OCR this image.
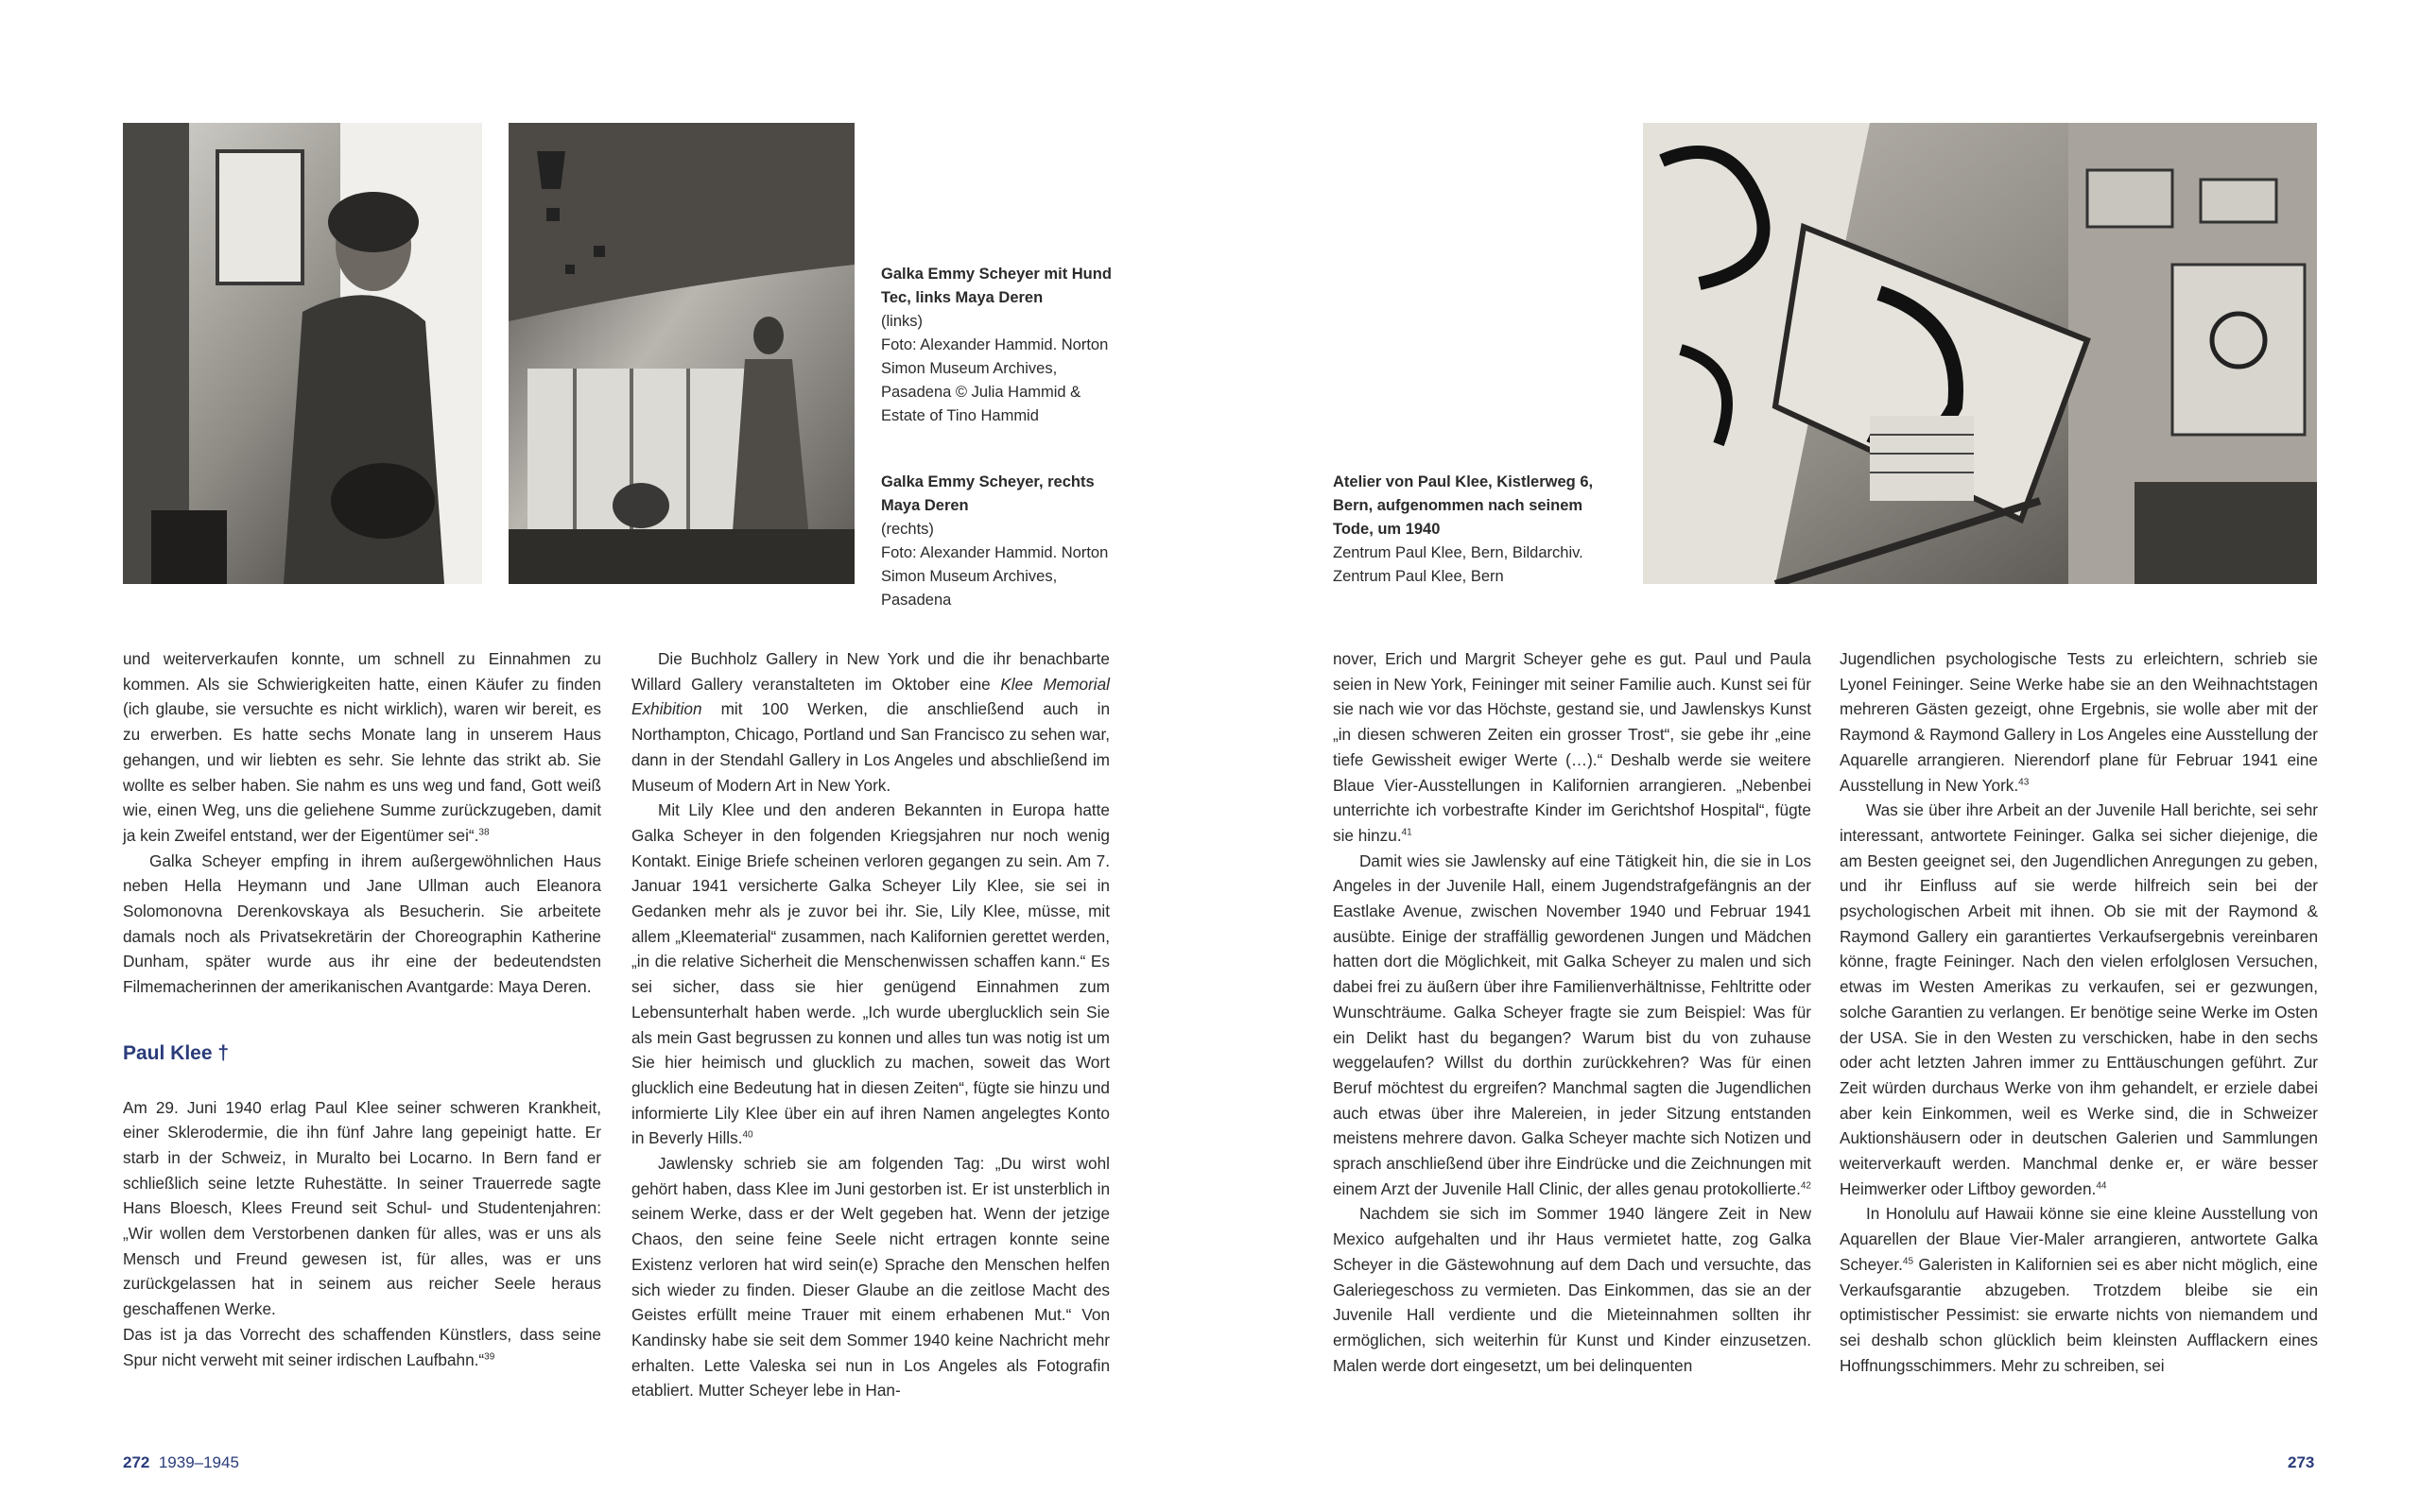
Galka Emmy Scheyer mit Hund Tec, links Maya Deren
(links)
Foto: Alexander Hammid. Norton Simon Museum Archives, Pasadena © Julia Hammid & Estate of Tino Hammid
Galka Emmy Scheyer, rechts Maya Deren
(rechts)
Foto: Alexander Hammid. Norton Simon Museum Archives, Pasadena
Atelier von Paul Klee, Kistlerweg 6, Bern, aufgenommen nach seinem Tode, um 1940
Zentrum Paul Klee, Bern, Bildarchiv. Zentrum Paul Klee, Bern

und weiterverkaufen konnte, um schnell zu Einnahmen zu kommen. Als sie Schwierigkeiten hatte, einen Käufer zu finden (ich glaube, sie versuchte es nicht wirklich), waren wir bereit, es zu erwerben. Es hatte sechs Monate lang in unserem Haus gehangen, und wir liebten es sehr. Sie lehnte das strikt ab. Sie wollte es selber haben. Sie nahm es uns weg und fand, Gott weiß wie, einen Weg, uns die geliehene Summe zurückzugeben, damit ja kein Zweifel entstand, wer der Eigentümer sei“.$^{38}$

Galka Scheyer empfing in ihrem außergewöhnlichen Haus neben Hella Heymann und Jane Ullman auch Eleanora Solomonovna Derenkovskaya als Besucherin. Sie arbeitete damals noch als Privatsekretärin der Choreographin Katherine Dunham, später wurde aus ihr eine der bedeutendsten Filmemacherinnen der amerikanischen Avantgarde: Maya Deren.

Paul Klee †

Am 29. Juni 1940 erlag Paul Klee seiner schweren Krankheit, einer Sklerodermie, die ihn fünf Jahre lang gepeinigt hatte. Er starb in der Schweiz, in Muralto bei Locarno. In Bern fand er schließlich seine letzte Ruhestätte. In seiner Trauerrede sagte Hans Bloesch, Klees Freund seit Schul- und Studentenjahren: „Wir wollen dem Verstorbenen danken für alles, was er uns als Mensch und Freund gewesen ist, für alles, was er uns zurückgelassen hat in seinem aus reicher Seele heraus geschaffenen Werke.

Das ist ja das Vorrecht des schaffenden Künstlers, dass seine Spur nicht verweht mit seiner irdischen Laufbahn.“$^{39}$

Die Buchholz Gallery in New York und die ihr benachbarte Willard Gallery veranstalteten im Oktober eine Klee Memorial Exhibition mit 100 Werken, die anschließend auch in Northampton, Chicago, Portland und San Francisco zu sehen war, dann in der Stendahl Gallery in Los Angeles und abschließend im Museum of Modern Art in New York.

Mit Lily Klee und den anderen Bekannten in Europa hatte Galka Scheyer in den folgenden Kriegsjahren nur noch wenig Kontakt. Einige Briefe scheinen verloren gegangen zu sein. Am 7. Januar 1941 versicherte Galka Scheyer Lily Klee, sie sei in Gedanken mehr als je zuvor bei ihr. Sie, Lily Klee, müsse, mit allem „Kleematerial“ zusammen, nach Kalifornien gerettet werden, „in die relative Sicherheit die Menschenwissen schaffen kann.“ Es sei sicher, dass sie hier genügend Einnahmen zum Lebensunterhalt haben werde. „Ich wurde uberglucklich sein Sie als mein Gast begrussen zu konnen und alles tun was notig ist um Sie hier heimisch und glucklich zu machen, soweit das Wort glucklich eine Bedeutung hat in diesen Zeiten“, fügte sie hinzu und informierte Lily Klee über ein auf ihren Namen angelegtes Konto in Beverly Hills.$^{40}$

Jawlensky schrieb sie am folgenden Tag: „Du wirst wohl gehört haben, dass Klee im Juni gestorben ist. Er ist unsterblich in seinem Werke, dass er der Welt gegeben hat. Wenn der jetzige Chaos, den seine feine Seele nicht ertragen konnte seine Existenz verloren hat wird sein(e) Sprache den Menschen helfen sich wieder zu finden. Dieser Glaube an die zeitlose Macht des Geistes erfüllt meine Trauer mit einem erhabenen Mut.“ Von Kandinsky habe sie seit dem Sommer 1940 keine Nachricht mehr erhalten. Lette Valeska sei nun in Los Angeles als Fotografin etabliert. Mutter Scheyer lebe in Han-

nover, Erich und Margrit Scheyer gehe es gut. Paul und Paula seien in New York, Feininger mit seiner Familie auch. Kunst sei für sie nach wie vor das Höchste, gestand sie, und Jawlenskys Kunst „in diesen schweren Zeiten ein grosser Trost“, sie gebe ihr „eine tiefe Gewissheit ewiger Werte (…).“ Deshalb werde sie weitere Blaue Vier-Ausstellungen in Kalifornien arrangieren. „Nebenbei unterrichte ich vorbestrafte Kinder im Gerichtshof Hospital“, fügte sie hinzu.$^{41}$

Damit wies sie Jawlensky auf eine Tätigkeit hin, die sie in Los Angeles in der Juvenile Hall, einem Jugendstrafgefängnis an der Eastlake Avenue, zwischen November 1940 und Februar 1941 ausübte. Einige der straffällig gewordenen Jungen und Mädchen hatten dort die Möglichkeit, mit Galka Scheyer zu malen und sich dabei frei zu äußern über ihre Familienverhältnisse, Fehltritte oder Wunschträume. Galka Scheyer fragte sie zum Beispiel: Was für ein Delikt hast du begangen? Warum bist du von zuhause weggelaufen? Willst du dorthin zurückkehren? Was für einen Beruf möchtest du ergreifen? Manchmal sagten die Jugendlichen auch etwas über ihre Malereien, in jeder Sitzung entstanden meistens mehrere davon. Galka Scheyer machte sich Notizen und sprach anschließend über ihre Eindrücke und die Zeichnungen mit einem Arzt der Juvenile Hall Clinic, der alles genau protokollierte.$^{42}$

Nachdem sie sich im Sommer 1940 längere Zeit in New Mexico aufgehalten und ihr Haus vermietet hatte, zog Galka Scheyer in die Gästewohnung auf dem Dach und versuchte, das Galeriegeschoss zu vermieten. Das Einkommen, das sie an der Juvenile Hall verdiente und die Mieteinnahmen sollten ihr ermöglichen, sich weiterhin für Kunst und Kinder einzusetzen. Malen werde dort eingesetzt, um bei delinquenten

Jugendlichen psychologische Tests zu erleichtern, schrieb sie Lyonel Feininger. Seine Werke habe sie an den Weihnachtstagen mehreren Gästen gezeigt, ohne Ergebnis, sie wolle aber mit der Raymond & Raymond Gallery in Los Angeles eine Ausstellung der Aquarelle arrangieren. Nierendorf plane für Februar 1941 eine Ausstellung in New York.$^{43}$

Was sie über ihre Arbeit an der Juvenile Hall berichte, sei sehr interessant, antwortete Feininger. Galka sei sicher diejenige, die am Besten geeignet sei, den Jugendlichen Anregungen zu geben, und ihr Einfluss auf sie werde hilfreich sein bei der psychologischen Arbeit mit ihnen. Ob sie mit der Raymond & Raymond Gallery ein garantiertes Verkaufsergebnis vereinbaren könne, fragte Feininger. Nach den vielen erfolglosen Versuchen, etwas im Westen Amerikas zu verkaufen, sei er gezwungen, solche Garantien zu verlangen. Er benötige seine Werke im Osten der USA. Sie in den Westen zu verschicken, habe in den sechs oder acht letzten Jahren immer zu Enttäuschungen geführt. Zur Zeit würden durchaus Werke von ihm gehandelt, er erziele dabei aber kein Einkommen, weil es Werke sind, die in Schweizer Auktionshäusern oder in deutschen Galerien und Sammlungen weiterverkauft werden. Manchmal denke er, er wäre besser Heimwerker oder Liftboy geworden.$^{44}$

In Honolulu auf Hawaii könne sie eine kleine Ausstellung von Aquarellen der Blaue Vier-Maler arrangieren, antwortete Galka Scheyer.$^{45}$ Galeristen in Kalifornien sei es aber nicht möglich, eine Verkaufsgarantie abzugeben. Trotzdem bleibe sie ein optimistischer Pessimist: sie erwarte nichts von niemandem und sei deshalb schon glücklich beim kleinsten Aufflackern eines Hoffnungsschimmers. Mehr zu schreiben, sei

272 1939–1945	273
